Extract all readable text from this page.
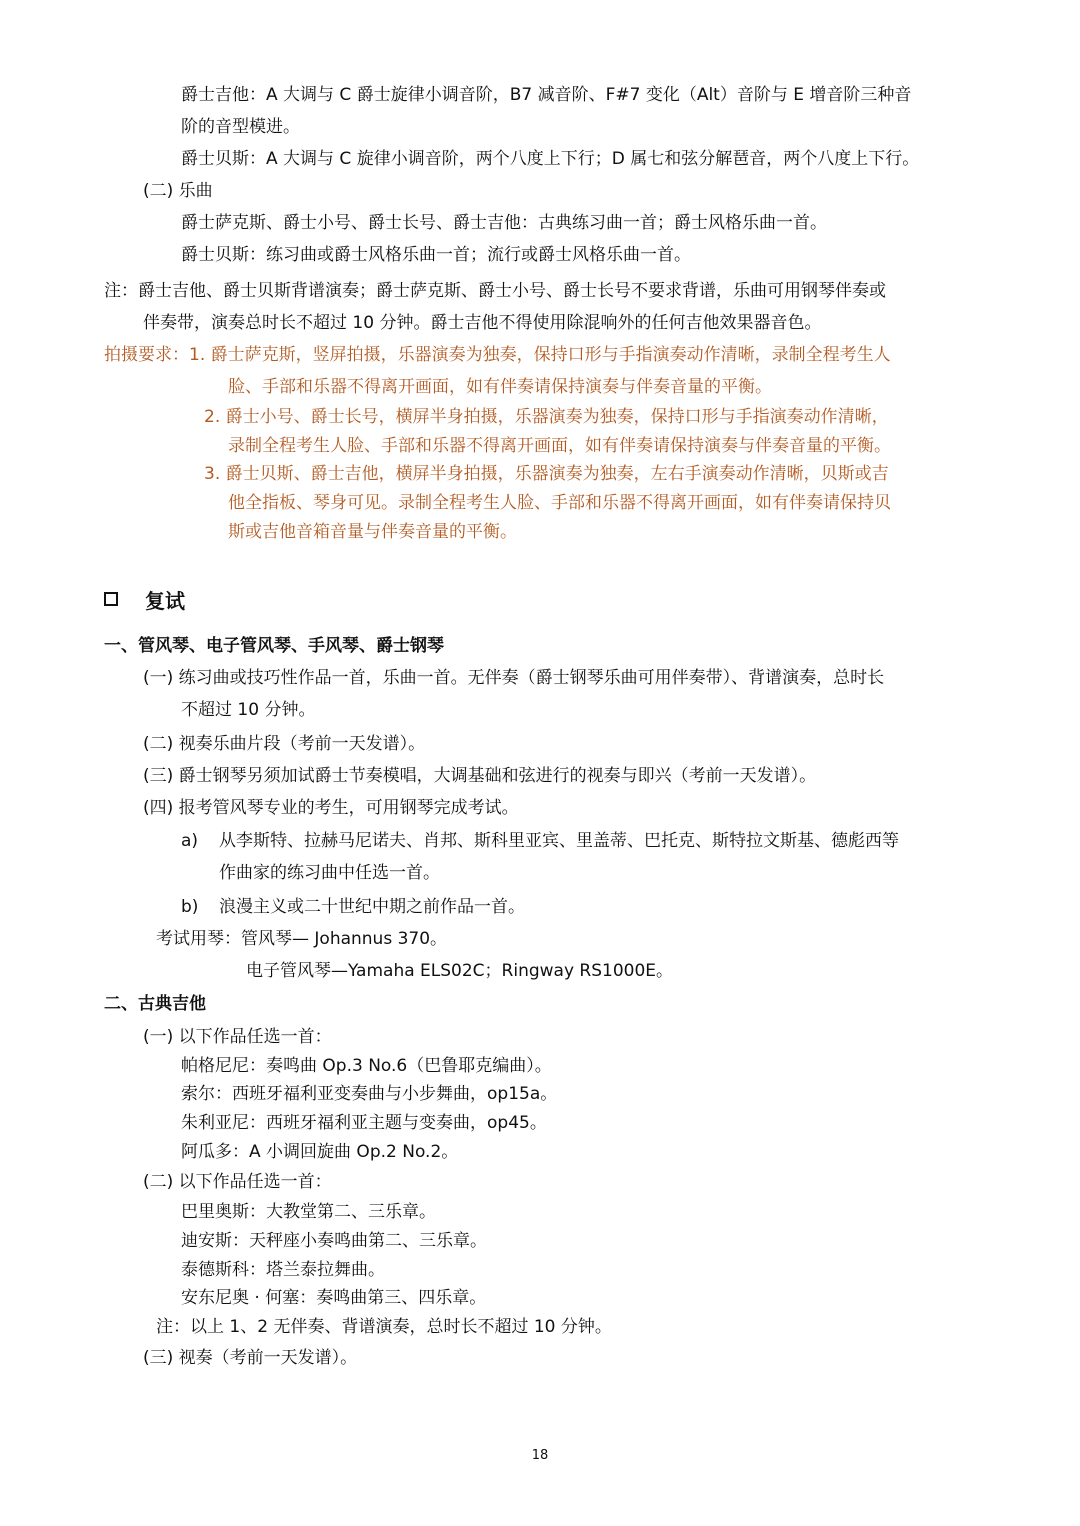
爵士吉他：A 大调与 C 爵士旋律小调音阶，B7 减音阶、F#7 变化（Alt）音阶与 E 增音阶三种音
阶的音型模进。
爵士贝斯：A 大调与 C 旋律小调音阶，两个八度上下行；D 属七和弦分解琶音，两个八度上下行。
(二) 乐曲
爵士萨克斯、爵士小号、爵士长号、爵士吉他：古典练习曲一首；爵士风格乐曲一首。
爵士贝斯：练习曲或爵士风格乐曲一首；流行或爵士风格乐曲一首。
注：爵士吉他、爵士贝斯背谱演奏；爵士萨克斯、爵士小号、爵士长号不要求背谱，乐曲可用钢琴伴奏或
伴奏带，演奏总时长不超过 10 分钟。爵士吉他不得使用除混响外的任何吉他效果器音色。
拍摄要求：1. 爵士萨克斯，竖屏拍摄，乐器演奏为独奏，保持口形与手指演奏动作清晰，录制全程考生人
脸、手部和乐器不得离开画面，如有伴奏请保持演奏与伴奏音量的平衡。
2. 爵士小号、爵士长号，横屏半身拍摄，乐器演奏为独奏，保持口形与手指演奏动作清晰，
录制全程考生人脸、手部和乐器不得离开画面，如有伴奏请保持演奏与伴奏音量的平衡。
3. 爵士贝斯、爵士吉他，横屏半身拍摄，乐器演奏为独奏，左右手演奏动作清晰，贝斯或吉
他全指板、琴身可见。录制全程考生人脸、手部和乐器不得离开画面，如有伴奏请保持贝
斯或吉他音箱音量与伴奏音量的平衡。
复试
一、管风琴、电子管风琴、手风琴、爵士钢琴
(一) 练习曲或技巧性作品一首，乐曲一首。无伴奏（爵士钢琴乐曲可用伴奏带）、背谱演奏，总时长
不超过 10 分钟。
(二) 视奏乐曲片段（考前一天发谱）。
(三) 爵士钢琴另须加试爵士节奏模唱，大调基础和弦进行的视奏与即兴（考前一天发谱）。
(四) 报考管风琴专业的考生，可用钢琴完成考试。
a) 从李斯特、拉赫马尼诺夫、肖邦、斯科里亚宾、里盖蒂、巴托克、斯特拉文斯基、德彪西等
作曲家的练习曲中任选一首。
b) 浪漫主义或二十世纪中期之前作品一首。
考试用琴：管风琴— Johannus 370。
电子管风琴—Yamaha ELS02C；Ringway RS1000E。
二、古典吉他
(一) 以下作品任选一首：
帕格尼尼：奏鸣曲 Op.3 No.6（巴鲁耶克编曲）。
索尔：西班牙福利亚变奏曲与小步舞曲，op15a。
朱利亚尼：西班牙福利亚主题与变奏曲，op45。
阿瓜多：A 小调回旋曲 Op.2 No.2。
(二) 以下作品任选一首：
巴里奥斯：大教堂第二、三乐章。
迪安斯：天秤座小奏鸣曲第二、三乐章。
泰德斯科：塔兰泰拉舞曲。
安东尼奥 · 何塞：奏鸣曲第三、四乐章。
注：以上 1、2 无伴奏、背谱演奏，总时长不超过 10 分钟。
(三) 视奏（考前一天发谱）。
18
